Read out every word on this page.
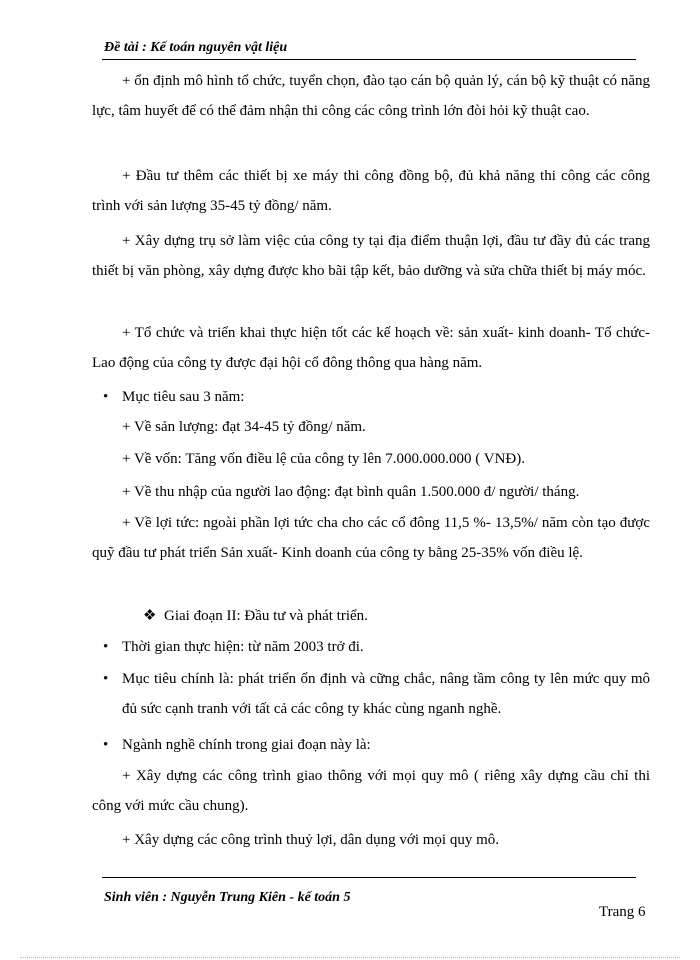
Đề tài : Kế toán nguyên vật liệu

+ ổn định mô hình tổ chức, tuyển chọn, đào tạo cán bộ quản lý, cán bộ kỹ thuật có năng lực, tâm huyết để có thể đảm nhận thi công các công trình lớn đòi hỏi kỹ thuật cao.

+ Đầu tư thêm các thiết bị xe máy thi công đồng bộ, đủ khả năng thi công các công trình với sản lượng 35-45 tỷ đồng/ năm.

+ Xây dựng trụ sở làm việc của công ty tại địa điểm thuận lợi, đầu tư đầy đủ các trang thiết bị văn phòng, xây dựng được kho bãi tập kết, bảo dưỡng và sửa chữa thiết bị máy móc.

+ Tổ chức và triển khai thực hiện tốt các kế hoạch về: sản xuất- kinh doanh- Tổ chức- Lao động của công ty được đại hội cổ đông thông qua hàng năm.

• Mục tiêu sau 3 năm:

+ Về sản lượng: đạt 34-45 tỷ đồng/ năm.

+ Về vốn: Tăng vốn điều lệ của công ty lên 7.000.000.000 ( VNĐ).

+ Về thu nhập của người lao động: đạt bình quân 1.500.000 đ/ người/ tháng.

+ Về lợi tức: ngoài phần lợi tức cha cho các cổ đông 11,5 %- 13,5%/ năm còn tạo được quỹ đầu tư phát triển Sản xuất- Kinh doanh của công ty bằng 25-35% vốn điều lệ.

❖ Giai đoạn II: Đầu tư và phát triển.
• Thời gian thực hiện: từ năm 2003 trở đi.

• Mục tiêu chính là: phát triển ổn định và cững chắc, nâng tầm công ty lên mức quy mô đủ sức cạnh tranh với tất cả các công ty khác cùng nganh nghề.

• Ngành nghề chính trong giai đoạn này là:

+ Xây dựng các công trình giao thông với mọi quy mô ( riêng xây dựng cầu chỉ thi công với mức cầu chung).

+ Xây dựng các công trình thuỷ lợi, dân dụng với mọi quy mô.

Sinh viên : Nguyễn Trung Kiên - kế toán 5
Trang 6
